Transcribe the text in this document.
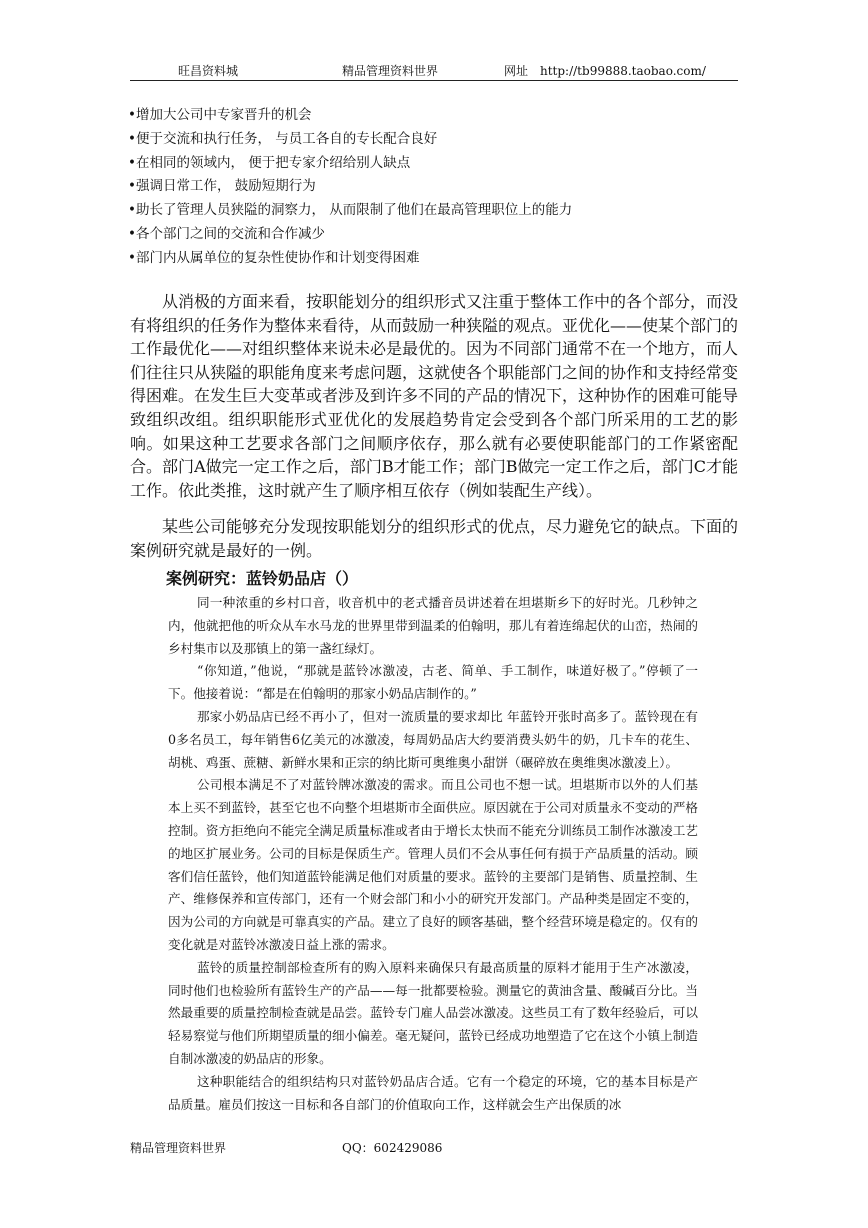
旺昌资料城	精品管理资料世界	网址 http://tb99888.taobao.com/
•增加大公司中专家晋升的机会
•便于交流和执行任务， 与员工各自的专长配合良好
•在相同的领域内， 便于把专家介绍给别人缺点
•强调日常工作， 鼓励短期行为
•助长了管理人员狭隘的洞察力， 从而限制了他们在最高管理职位上的能力
•各个部门之间的交流和合作减少
•部门内从属单位的复杂性使协作和计划变得困难

从消极的方面来看，按职能划分的组织形式又注重于整体工作中的各个部分，而没有将组织的任务作为整体来看待，从而鼓励一种狭隘的观点。亚优化——使某个部门的工作最优化——对组织整体来说未必是最优的。因为不同部门通常不在一个地方，而人们往往只从狭隘的职能角度来考虑问题，这就使各个职能部门之间的协作和支持经常变得困难。在发生巨大变革或者涉及到许多不同的产品的情况下，这种协作的困难可能导致组织改组。组织职能形式亚优化的发展趋势肯定会受到各个部门所采用的工艺的影响。如果这种工艺要求各部门之间顺序依存，那么就有必要使职能部门的工作紧密配合。部门A做完一定工作之后，部门B才能工作；部门B做完一定工作之后，部门C才能工作。依此类推，这时就产生了顺序相互依存（例如装配生产线）。

某些公司能够充分发现按职能划分的组织形式的优点，尽力避免它的缺点。下面的案例研究就是最好的一例。

案例研究：蓝铃奶品店（）

同一种浓重的乡村口音，收音机中的老式播音员讲述着在坦堪斯乡下的好时光。几秒钟之内，他就把他的听众从车水马龙的世界里带到温柔的伯翰明，那儿有着连绵起伏的山峦，热闹的乡村集市以及那镇上的第一盏红绿灯。

“你知道，”他说，“那就是蓝铃冰激凌，古老、简单、手工制作，味道好极了。”停顿了一下。他接着说：“都是在伯翰明的那家小奶品店制作的。”

那家小奶品店已经不再小了，但对一流质量的要求却比 年蓝铃开张时高多了。蓝铃现在有0多名员工，每年销售6亿美元的冰激凌，每周奶品店大约要消费头奶牛的奶，几卡车的花生、胡桃、鸡蛋、蔗糖、新鲜水果和正宗的纳比斯可奥维奥小甜饼（碾碎放在奥维奥冰激凌上）。

公司根本满足不了对蓝铃牌冰激凌的需求。而且公司也不想一试。坦堪斯市以外的人们基本上买不到蓝铃，甚至它也不向整个坦堪斯市全面供应。原因就在于公司对质量永不变动的严格控制。资方拒绝向不能完全满足质量标准或者由于增长太快而不能充分训练员工制作冰激凌工艺的地区扩展业务。公司的目标是保质生产。管理人员们不会从事任何有损于产品质量的活动。顾客们信任蓝铃，他们知道蓝铃能满足他们对质量的要求。蓝铃的主要部门是销售、质量控制、生产、维修保养和宣传部门，还有一个财会部门和小小的研究开发部门。产品种类是固定不变的，因为公司的方向就是可靠真实的产品。建立了良好的顾客基础，整个经营环境是稳定的。仅有的变化就是对蓝铃冰激凌日益上涨的需求。

蓝铃的质量控制部检查所有的购入原料来确保只有最高质量的原料才能用于生产冰激凌，同时他们也检验所有蓝铃生产的产品——每一批都要检验。测量它的黄油含量、酸碱百分比。当然最重要的质量控制检查就是品尝。蓝铃专门雇人品尝冰激凌。这些员工有了数年经验后，可以轻易察觉与他们所期望质量的细小偏差。毫无疑问，蓝铃已经成功地塑造了它在这个小镇上制造自制冰激凌的奶品店的形象。

这种职能结合的组织结构只对蓝铃奶品店合适。它有一个稳定的环境，它的基本目标是产品质量。雇员们按这一目标和各自部门的价值取向工作，这样就会生产出保质的冰

精品管理资料世界	QQ：602429086
